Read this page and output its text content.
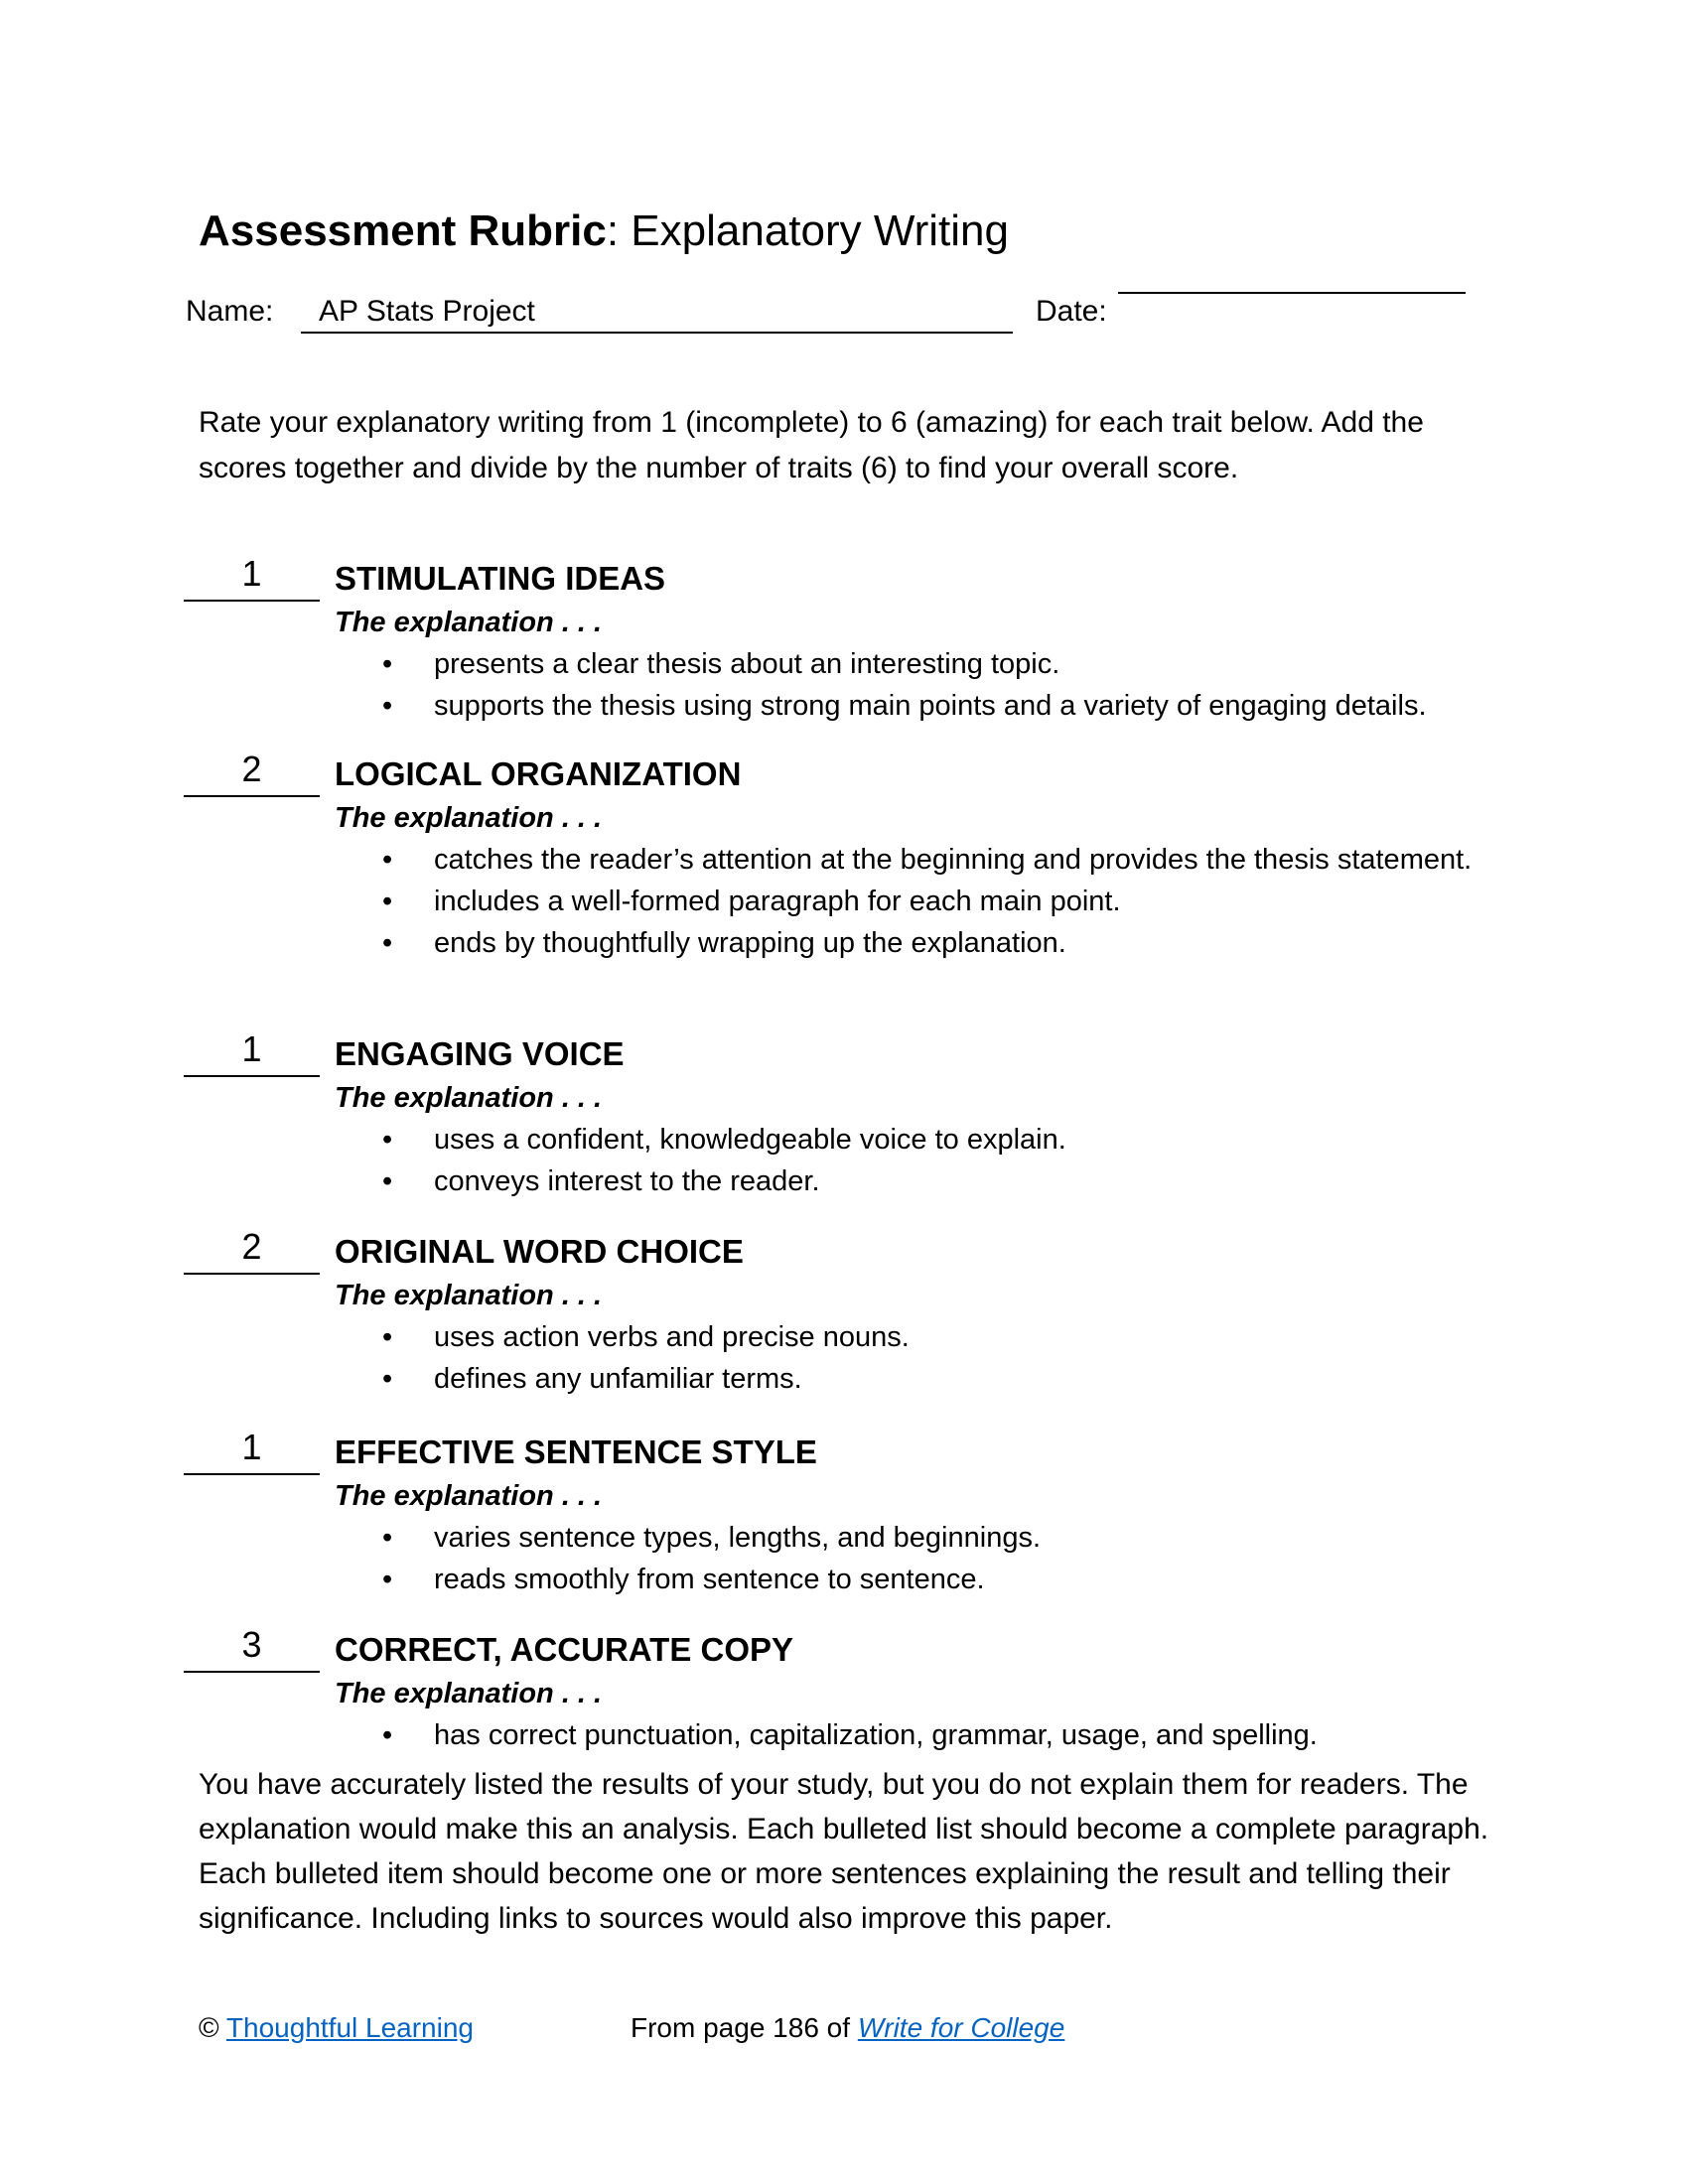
Assessment Rubric: Explanatory Writing
Name:	AP Stats Project	Date:
Rate your explanatory writing from 1 (incomplete) to 6 (amazing) for each trait below. Add the scores together and divide by the number of traits (6) to find your overall score.
1	STIMULATING IDEAS
The explanation . . .
• presents a clear thesis about an interesting topic.
• supports the thesis using strong main points and a variety of engaging details.
2	LOGICAL ORGANIZATION
The explanation . . .
• catches the reader’s attention at the beginning and provides the thesis statement.
• includes a well-formed paragraph for each main point.
• ends by thoughtfully wrapping up the explanation.
1	ENGAGING VOICE
The explanation . . .
• uses a confident, knowledgeable voice to explain.
• conveys interest to the reader.
2	ORIGINAL WORD CHOICE
The explanation . . .
• uses action verbs and precise nouns.
• defines any unfamiliar terms.
1	EFFECTIVE SENTENCE STYLE
The explanation . . .
• varies sentence types, lengths, and beginnings.
• reads smoothly from sentence to sentence.
3	CORRECT, ACCURATE COPY
The explanation . . .
• has correct punctuation, capitalization, grammar, usage, and spelling.
You have accurately listed the results of your study, but you do not explain them for readers. The explanation would make this an analysis. Each bulleted list should become a complete paragraph. Each bulleted item should become one or more sentences explaining the result and telling their significance. Including links to sources would also improve this paper.
© Thoughtful Learning	From page 186 of Write for College
